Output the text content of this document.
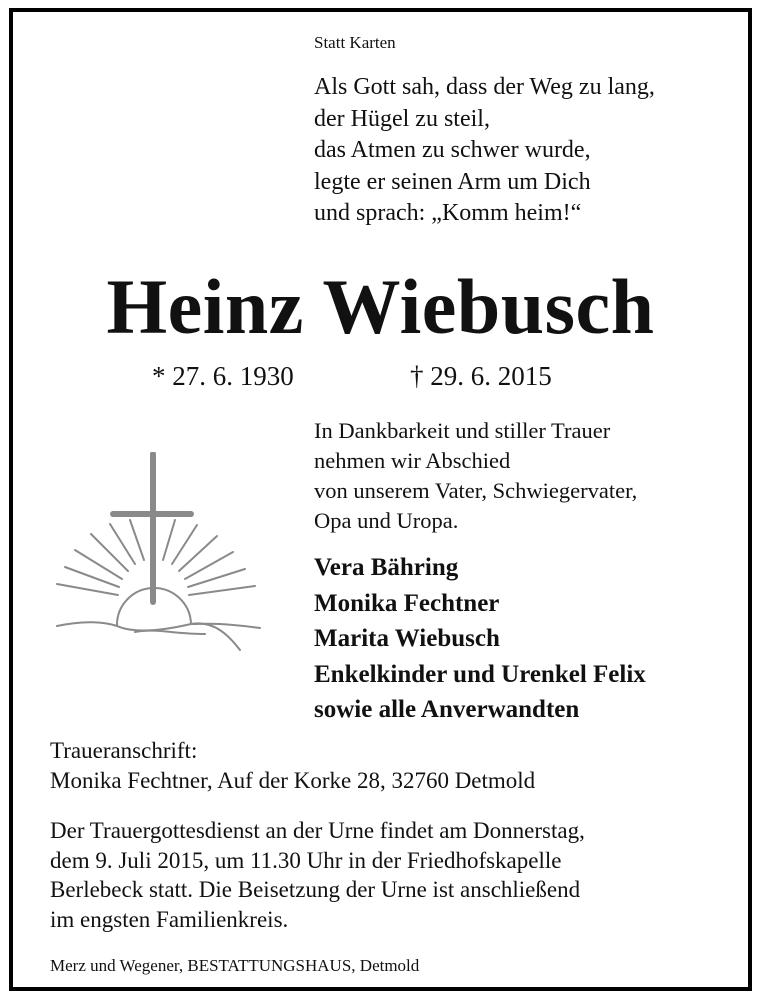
Statt Karten
Als Gott sah, dass der Weg zu lang,
der Hügel zu steil,
das Atmen zu schwer wurde,
legte er seinen Arm um Dich
und sprach: „Komm heim!“
Heinz Wiebusch
* 27. 6. 1930	† 29. 6. 2015
In Dankbarkeit und stiller Trauer
nehmen wir Abschied
von unserem Vater, Schwiegervater,
Opa und Uropa.
Vera Bähring
Monika Fechtner
Marita Wiebusch
Enkelkinder und Urenkel Felix
sowie alle Anverwandten
Traueranschrift:
Monika Fechtner, Auf der Korke 28, 32760 Detmold
Der Trauergottesdienst an der Urne findet am Donnerstag,
dem 9. Juli 2015, um 11.30 Uhr in der Friedhofskapelle
Berlebeck statt. Die Beisetzung der Urne ist anschließend
im engsten Familienkreis.
Merz und Wegener, BESTATTUNGSHAUS, Detmold
